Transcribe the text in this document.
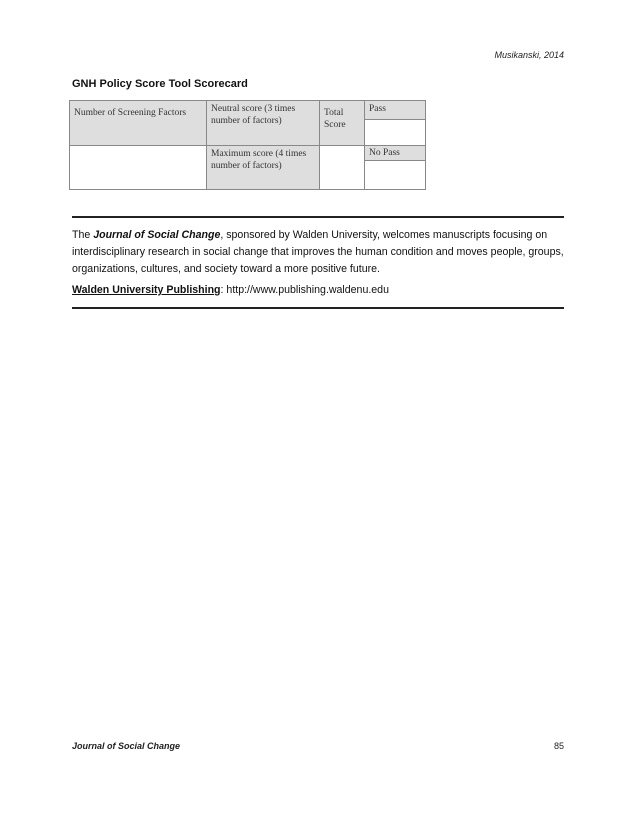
Musikanski, 2014
GNH Policy Score Tool Scorecard
Number of Screening Factors	Neutral score (3 times number of factors)	Total Score	Pass

	Maximum score (4 times number of factors)		No Pass

The Journal of Social Change, sponsored by Walden University, welcomes manuscripts focusing on interdisciplinary research in social change that improves the human condition and moves people, groups, organizations, cultures, and society toward a more positive future.
Walden University Publishing: http://www.publishing.waldenu.edu
Journal of Social Change	85
